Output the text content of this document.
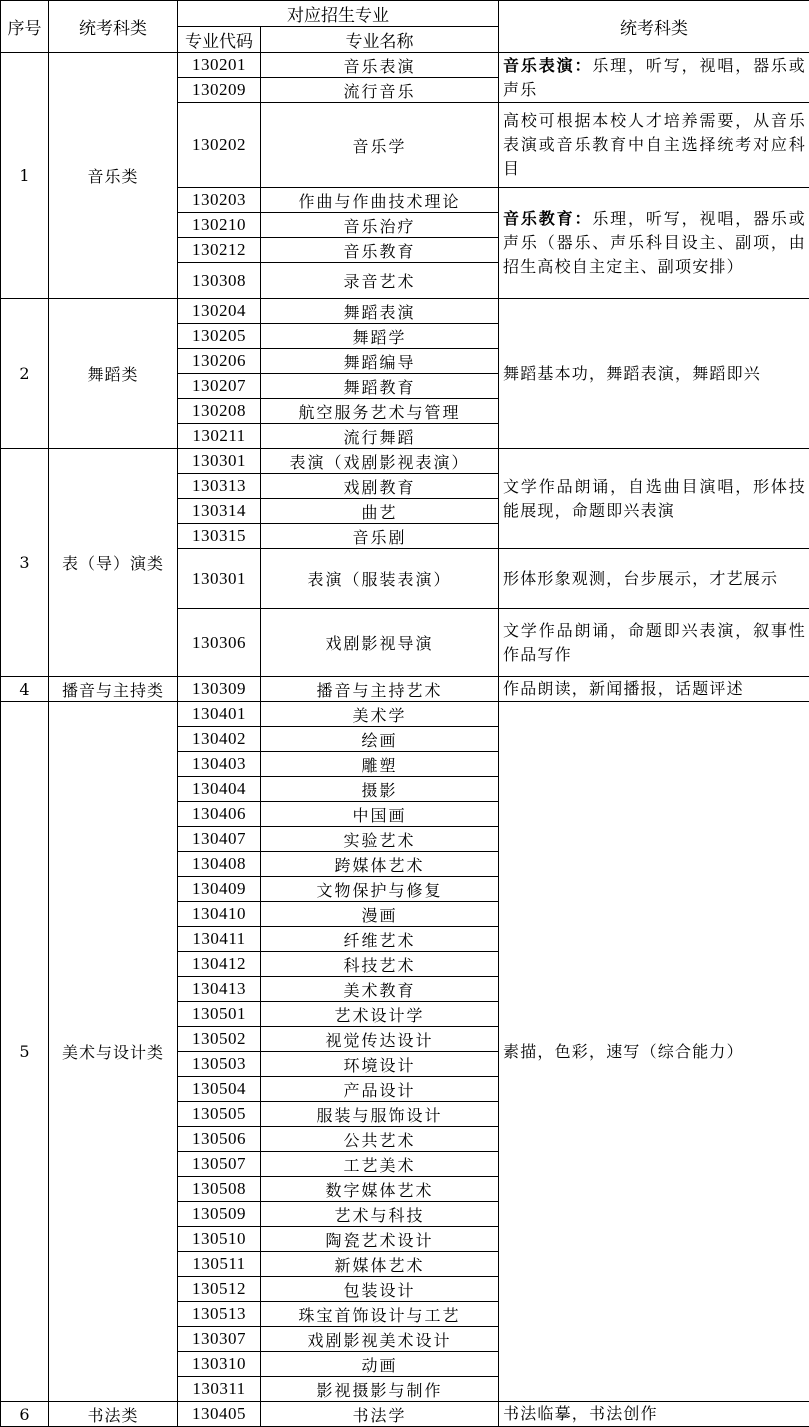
序号	统考科类	对应招生专业		统考科类
		专业代码	专业名称	
1	音乐类	130201	音乐表演	音乐表演：乐理，听写，视唱，器乐或声乐
		130209	流行音乐	
		130202	音乐学	高校可根据本校人才培养需要，从音乐表演或音乐教育中自主选择统考对应科目
		130203	作曲与作曲技术理论	音乐教育：乐理，听写，视唱，器乐或声乐（器乐、声乐科目设主、副项，由招生高校自主定主、副项安排）
		130210	音乐治疗	
		130212	音乐教育	
		130308	录音艺术	
2	舞蹈类	130204	舞蹈表演	舞蹈基本功，舞蹈表演，舞蹈即兴
		130205	舞蹈学	
		130206	舞蹈编导	
		130207	舞蹈教育	
		130208	航空服务艺术与管理	
		130211	流行舞蹈	
3	表（导）演类	130301	表演（戏剧影视表演）	文学作品朗诵，自选曲目演唱，形体技能展现，命题即兴表演
		130313	戏剧教育	
		130314	曲艺	
		130315	音乐剧	
		130301	表演（服装表演）	形体形象观测，台步展示，才艺展示
		130306	戏剧影视导演	文学作品朗诵，命题即兴表演，叙事性作品写作
4	播音与主持类	130309	播音与主持艺术	作品朗读，新闻播报，话题评述
5	美术与设计类	130401	美术学	素描，色彩，速写（综合能力）
		130402	绘画	
		130403	雕塑	
		130404	摄影	
		130406	中国画	
		130407	实验艺术	
		130408	跨媒体艺术	
		130409	文物保护与修复	
		130410	漫画	
		130411	纤维艺术	
		130412	科技艺术	
		130413	美术教育	
		130501	艺术设计学	
		130502	视觉传达设计	
		130503	环境设计	
		130504	产品设计	
		130505	服装与服饰设计	
		130506	公共艺术	
		130507	工艺美术	
		130508	数字媒体艺术	
		130509	艺术与科技	
		130510	陶瓷艺术设计	
		130511	新媒体艺术	
		130512	包装设计	
		130513	珠宝首饰设计与工艺	
		130307	戏剧影视美术设计	
		130310	动画	
		130311	影视摄影与制作	
6	书法类	130405	书法学	书法临摹，书法创作
